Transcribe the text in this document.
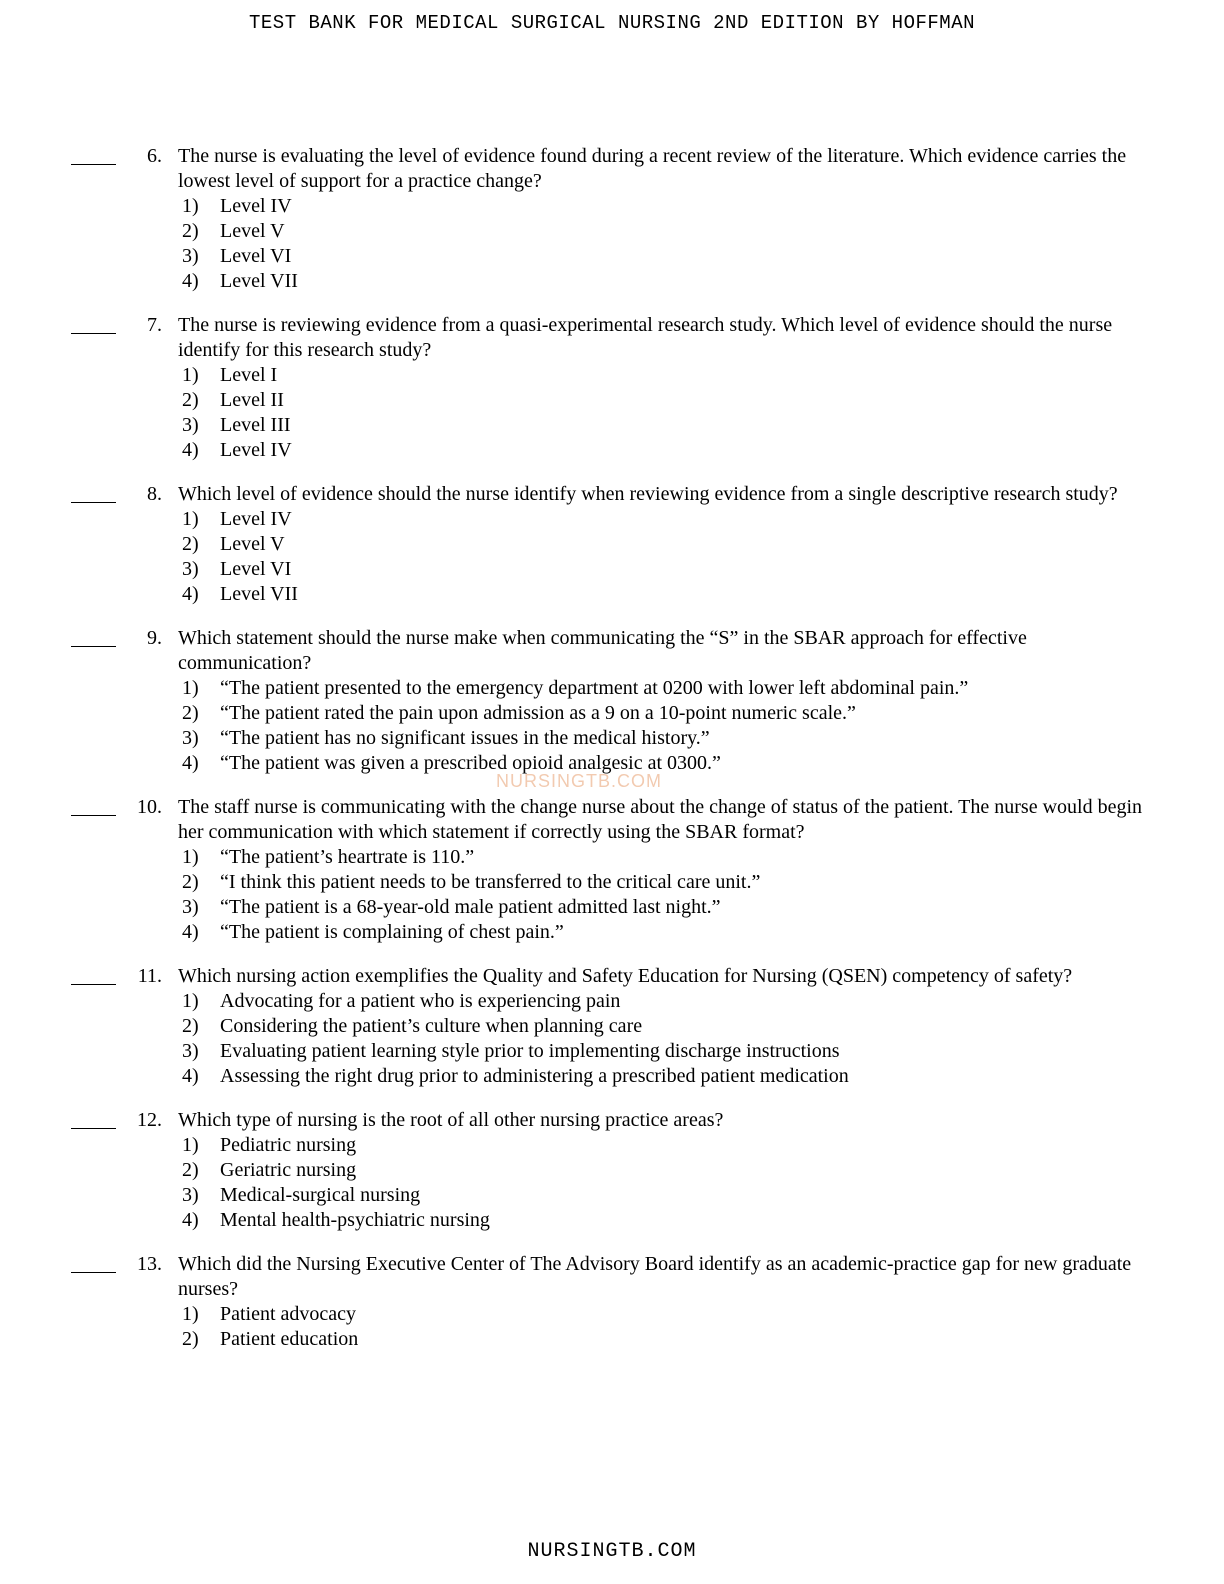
TEST BANK FOR MEDICAL SURGICAL NURSING 2ND EDITION BY HOFFMAN
6. The nurse is evaluating the level of evidence found during a recent review of the literature. Which evidence carries the lowest level of support for a practice change?
1)	Level IV
2)	Level V
3)	Level VI
4)	Level VII
7. The nurse is reviewing evidence from a quasi-experimental research study. Which level of evidence should the nurse identify for this research study?
1)	Level I
2)	Level II
3)	Level III
4)	Level IV
8. Which level of evidence should the nurse identify when reviewing evidence from a single descriptive research study?
1)	Level IV
2)	Level V
3)	Level VI
4)	Level VII
9. Which statement should the nurse make when communicating the “S” in the SBAR approach for effective communication?
1)	“The patient presented to the emergency department at 0200 with lower left abdominal pain.”
2)	“The patient rated the pain upon admission as a 9 on a 10-point numeric scale.”
3)	“The patient has no significant issues in the medical history.”
4)	“The patient was given a prescribed opioid analgesic at 0300.”
10. The staff nurse is communicating with the change nurse about the change of status of the patient. The nurse would begin her communication with which statement if correctly using the SBAR format?
1)	“The patient’s heartrate is 110.”
2)	“I think this patient needs to be transferred to the critical care unit.”
3)	“The patient is a 68-year-old male patient admitted last night.”
4)	“The patient is complaining of chest pain.”
11. Which nursing action exemplifies the Quality and Safety Education for Nursing (QSEN) competency of safety?
1)	Advocating for a patient who is experiencing pain
2)	Considering the patient’s culture when planning care
3)	Evaluating patient learning style prior to implementing discharge instructions
4)	Assessing the right drug prior to administering a prescribed patient medication
12. Which type of nursing is the root of all other nursing practice areas?
1)	Pediatric nursing
2)	Geriatric nursing
3)	Medical-surgical nursing
4)	Mental health-psychiatric nursing
13. Which did the Nursing Executive Center of The Advisory Board identify as an academic-practice gap for new graduate nurses?
1)	Patient advocacy
2)	Patient education
NURSINGTB.COM
NURSINGTB.COM
